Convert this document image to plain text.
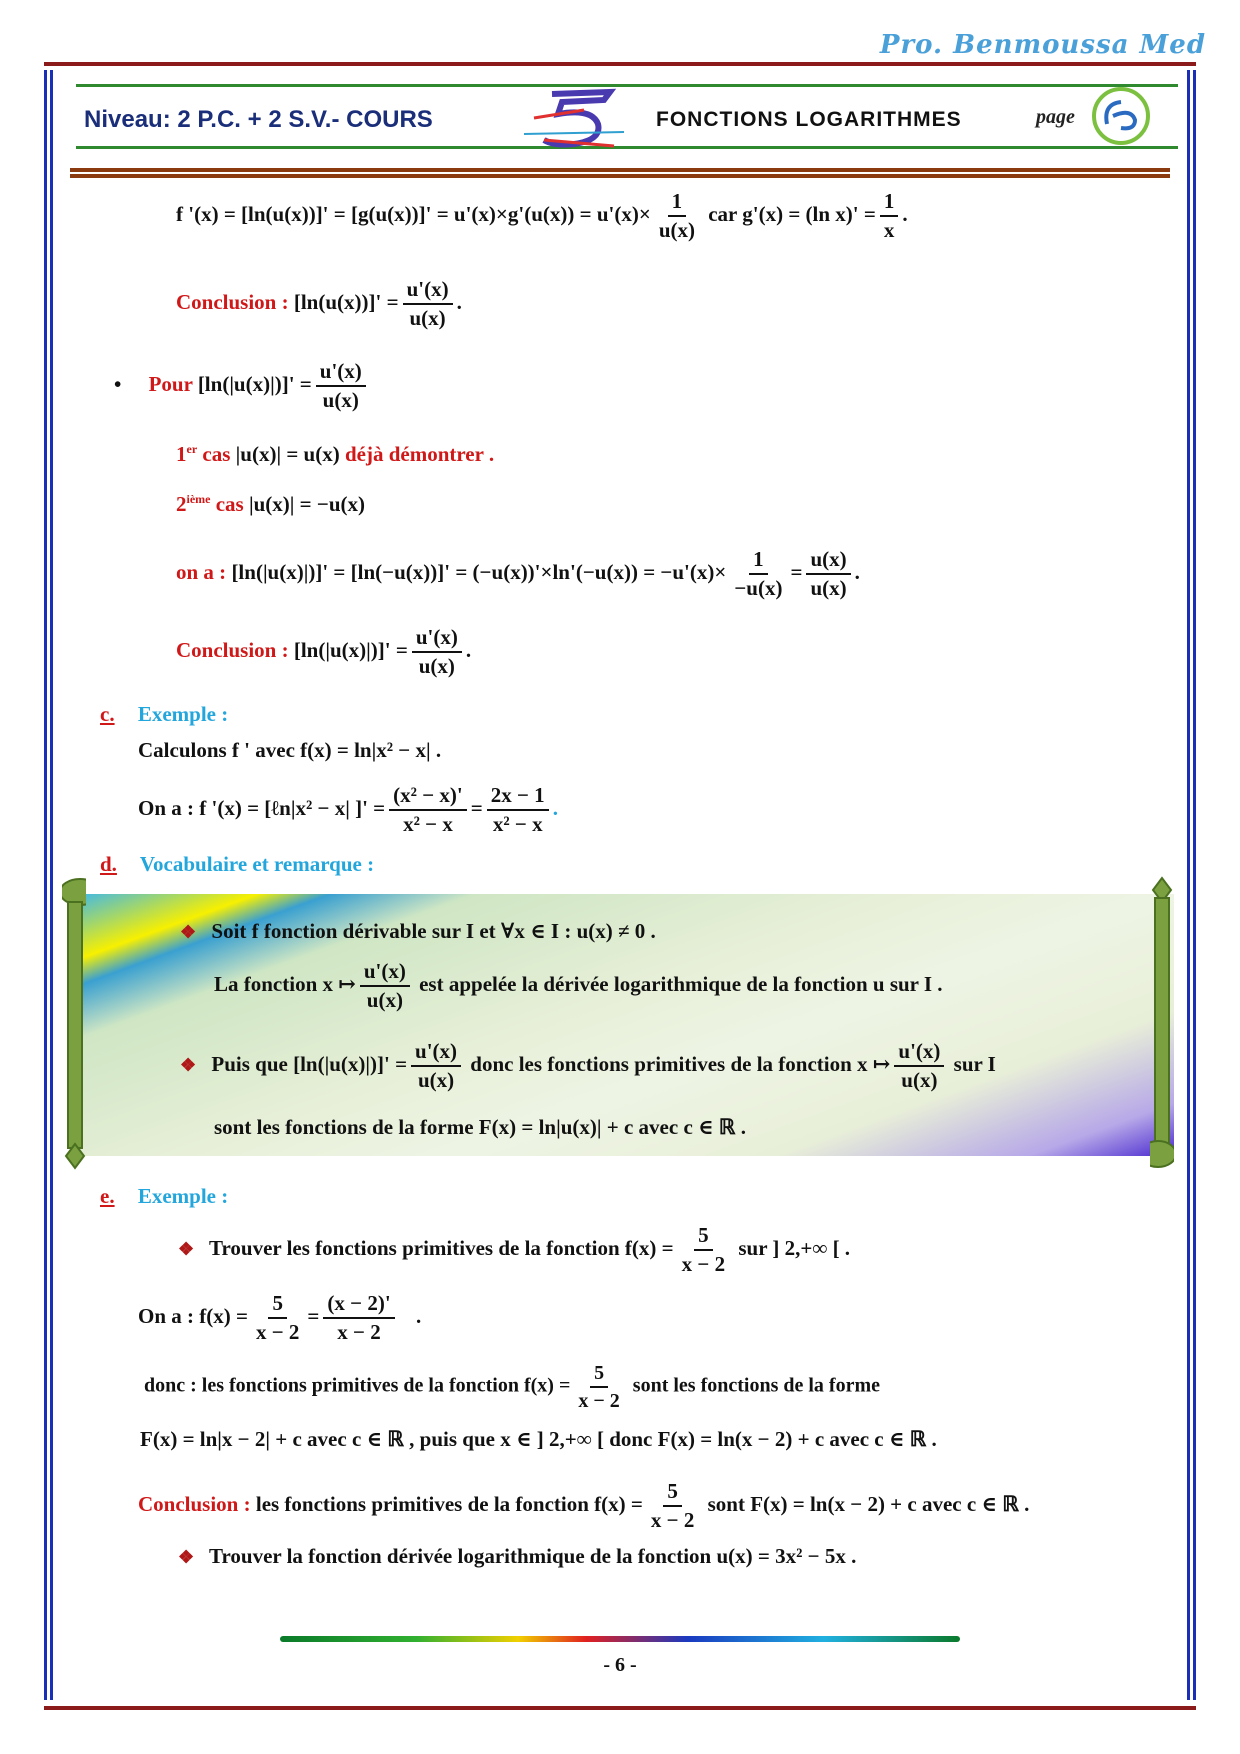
Pro. Benmoussa Med
Niveau: 2 P.C. + 2 S.V.- COURS	FONCTIONS LOGARITHMES	page
f '$(x) = [\ln(u(x))]' = [g(u(x))]' = u'(x)\times g'(u(x)) = u'(x)\times \frac{1}{u(x)}$ car g'(x) = (ln $x)' = \frac{1}{x}$ .
Conclusion : $[\ln(u(x))]' = \frac{u'(x)}{u(x)}$ .
• Pour $[\ln(|u(x)|)]' = \frac{u'(x)}{u(x)}$
1er cas |u(x)| = u(x) déjà démontrer .
2ième cas |u(x)| = −u(x)
on a : $[\ln(|u(x)|)]' = [\ln(-u(x))]' = (-u(x))'\times\ln'(-u(x)) = -u'(x)\times \frac{1}{-u(x)} = \frac{u(x)}{u(x)}$ .
Conclusion : $[\ln(|u(x)|)]' = \frac{u'(x)}{u(x)}$ .
c. Exemple :
Calculons f ' avec f(x) = ln|x² − x| .
On a : f '(x) = [ℓn|x² − x| ]' = $\frac{\text{(x² − x)'}}{\text{x² − x}} = \frac{2x - 1}{\text{x² − x}}$ .
d. Vocabulaire et remarque :
❖ Soit f fonction dérivable sur I et ∀x ∈ I : u(x) ≠ 0 .
La fonction x ↦ $\frac{u'(x)}{u(x)}$ est appelée la dérivée logarithmique de la fonction u sur I .
❖ Puis que $[\ln(|u(x)|)]' = \frac{u'(x)}{u(x)}$ donc les fonctions primitives de la fonction x ↦ $\frac{u'(x)}{u(x)}$ sur I
sont les fonctions de la forme F(x) = ln|u(x)| + c avec c ∈ ℝ .
e. Exemple :
❖ Trouver les fonctions primitives de la fonction $f(x) = \frac{5}{x - 2}$ sur ] 2,+∞ [ .
On a : $f(x) = \frac{5}{x - 2} = \frac{(x - 2)'}{x - 2}$ .
donc : les fonctions primitives de la fonction $f(x) = \frac{5}{x - 2}$ sont les fonctions de la forme
F(x) = ln|x − 2| + c avec c ∈ ℝ , puis que x ∈ ] 2,+∞ [ donc F(x) = ln(x − 2) + c avec c ∈ ℝ .
Conclusion : les fonctions primitives de la fonction $f(x) = \frac{5}{x - 2}$ sont F(x) = ln(x − 2) + c avec c ∈ ℝ .
❖ Trouver la fonction dérivée logarithmique de la fonction u(x) = 3x² − 5x .
- 6 -
